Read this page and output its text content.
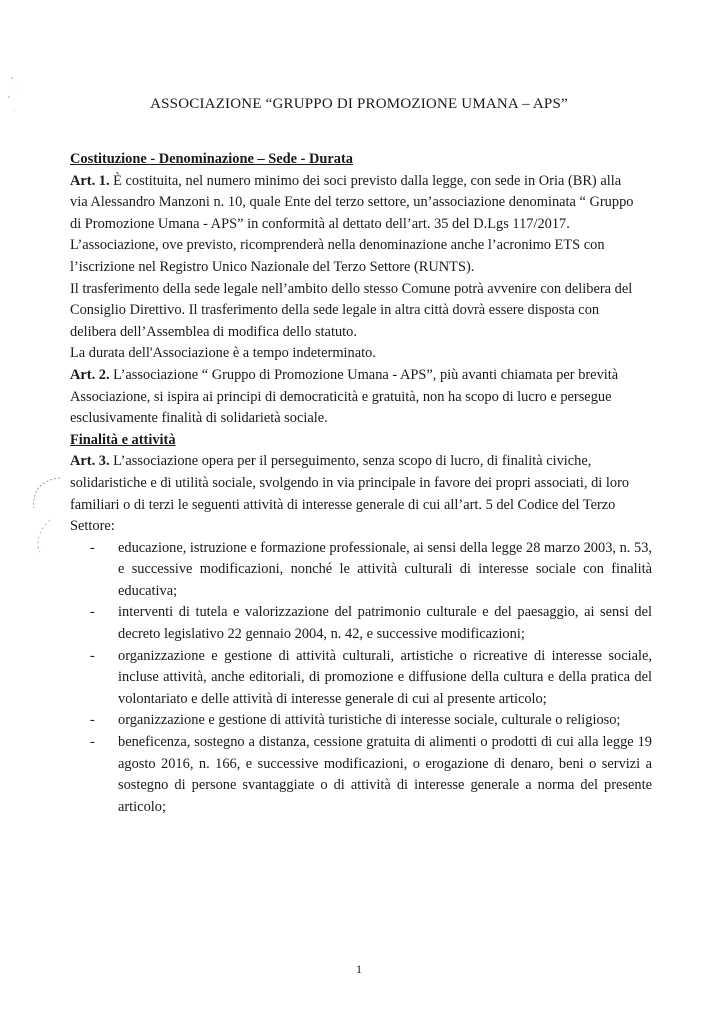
ASSOCIAZIONE “GRUPPO DI PROMOZIONE UMANA – APS”
Costituzione - Denominazione – Sede - Durata

Art. 1. È costituita, nel numero minimo dei soci previsto dalla legge, con sede in Oria (BR) alla
via Alessandro Manzoni n. 10, quale Ente del terzo settore, un’associazione denominata “ Gruppo
di Promozione Umana - APS” in conformità al dettato dell’art. 35 del D.Lgs 117/2017.
L’associazione, ove previsto, ricomprenderà nella denominazione anche l’acronimo ETS con
l’iscrizione nel Registro Unico Nazionale del Terzo Settore (RUNTS).

Il trasferimento della sede legale nell’ambito dello stesso Comune potrà avvenire con delibera del
Consiglio Direttivo. Il trasferimento della sede legale in altra città dovrà essere disposta con
delibera dell’Assemblea di modifica dello statuto.

La durata dell'Associazione è a tempo indeterminato.

Art. 2. L’associazione “ Gruppo di Promozione Umana - APS”, più avanti chiamata per brevità
Associazione, si ispira ai principi di democraticità e gratuità, non ha scopo di lucro e persegue
esclusivamente finalità di solidarietà sociale.

Finalità e attività

Art. 3. L’associazione opera per il perseguimento, senza scopo di lucro, di finalità civiche,
solidaristiche e di utilità sociale, svolgendo in via principale in favore dei propri associati, di loro
familiari o di terzi le seguenti attività di interesse generale di cui all’art. 5 del Codice del Terzo
Settore:

- educazione, istruzione e formazione professionale, ai sensi della legge 28 marzo 2003, n. 53, e successive modificazioni, nonché le attività culturali di interesse sociale con finalità educativa;
- interventi di tutela e valorizzazione del patrimonio culturale e del paesaggio, ai sensi del decreto legislativo 22 gennaio 2004, n. 42, e successive modificazioni;
- organizzazione e gestione di attività culturali, artistiche o ricreative di interesse sociale, incluse attività, anche editoriali, di promozione e diffusione della cultura e della pratica del volontariato e delle attività di interesse generale di cui al presente articolo;
- organizzazione e gestione di attività turistiche di interesse sociale, culturale o religioso;
- beneficenza, sostegno a distanza, cessione gratuita di alimenti o prodotti di cui alla legge 19 agosto 2016, n. 166, e successive modificazioni, o erogazione di denaro, beni o servizi a sostegno di persone svantaggiate o di attività di interesse generale a norma del presente articolo;
1
